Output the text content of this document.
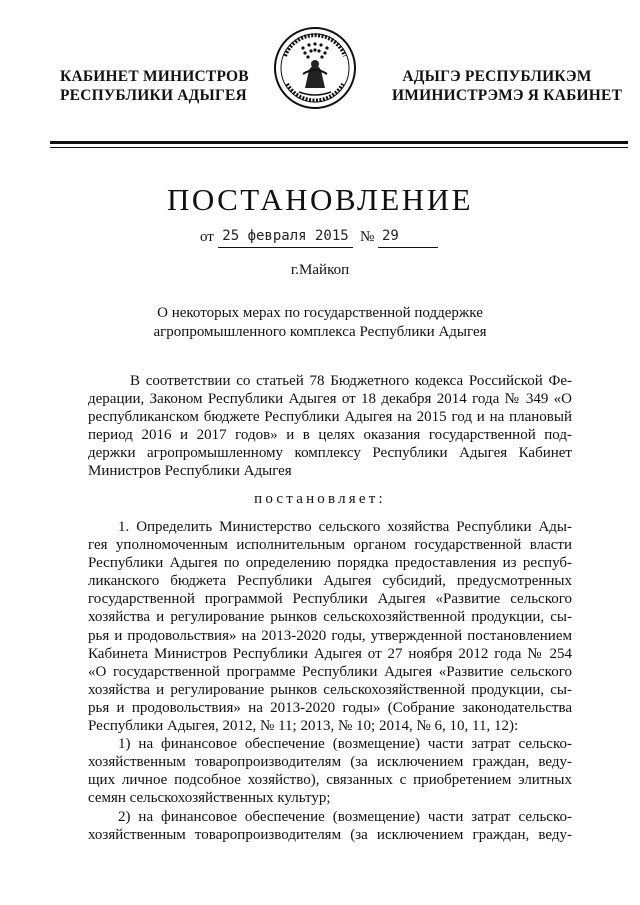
КАБИНЕТ МИНИСТРОВ
РЕСПУБЛИКИ АДЫГЕЯ
АДЫГЭ РЕСПУБЛИКЭМ
ИМИНИСТРЭМЭ Я КАБИНЕТ
ПОСТАНОВЛЕНИЕ
от 25 февраля 2015 № 29
г.Майкоп
О некоторых мерах по государственной поддержке
агропромышленного комплекса Республики Адыгея
В соответствии со статьей 78 Бюджетного кодекса Российской Фе-
дерации, Законом Республики Адыгея от 18 декабря 2014 года № 349 «О
республиканском бюджете Республики Адыгея на 2015 год и на плановый
период 2016 и 2017 годов» и в целях оказания государственной под-
держки агропромышленному комплексу Республики Адыгея Кабинет
Министров Республики Адыгея
постановляет:
1. Определить Министерство сельского хозяйства Республики Ады-
гея уполномоченным исполнительным органом государственной власти
Республики Адыгея по определению порядка предоставления из респуб-
ликанского бюджета Республики Адыгея субсидий, предусмотренных
государственной программой Республики Адыгея «Развитие сельского
хозяйства и регулирование рынков сельскохозяйственной продукции, сы-
рья и продовольствия» на 2013-2020 годы, утвержденной постановлением
Кабинета Министров Республики Адыгея от 27 ноября 2012 года № 254
«О государственной программе Республики Адыгея «Развитие сельского
хозяйства и регулирование рынков сельскохозяйственной продукции, сы-
рья и продовольствия» на 2013-2020 годы» (Собрание законодательства
Республики Адыгея, 2012, № 11; 2013, № 10; 2014, № 6, 10, 11, 12):
1) на финансовое обеспечение (возмещение) части затрат сельско-
хозяйственным товаропроизводителям (за исключением граждан, веду-
щих личное подсобное хозяйство), связанных с приобретением элитных
семян сельскохозяйственных культур;
2) на финансовое обеспечение (возмещение) части затрат сельско-
хозяйственным товаропроизводителям (за исключением граждан, веду-
